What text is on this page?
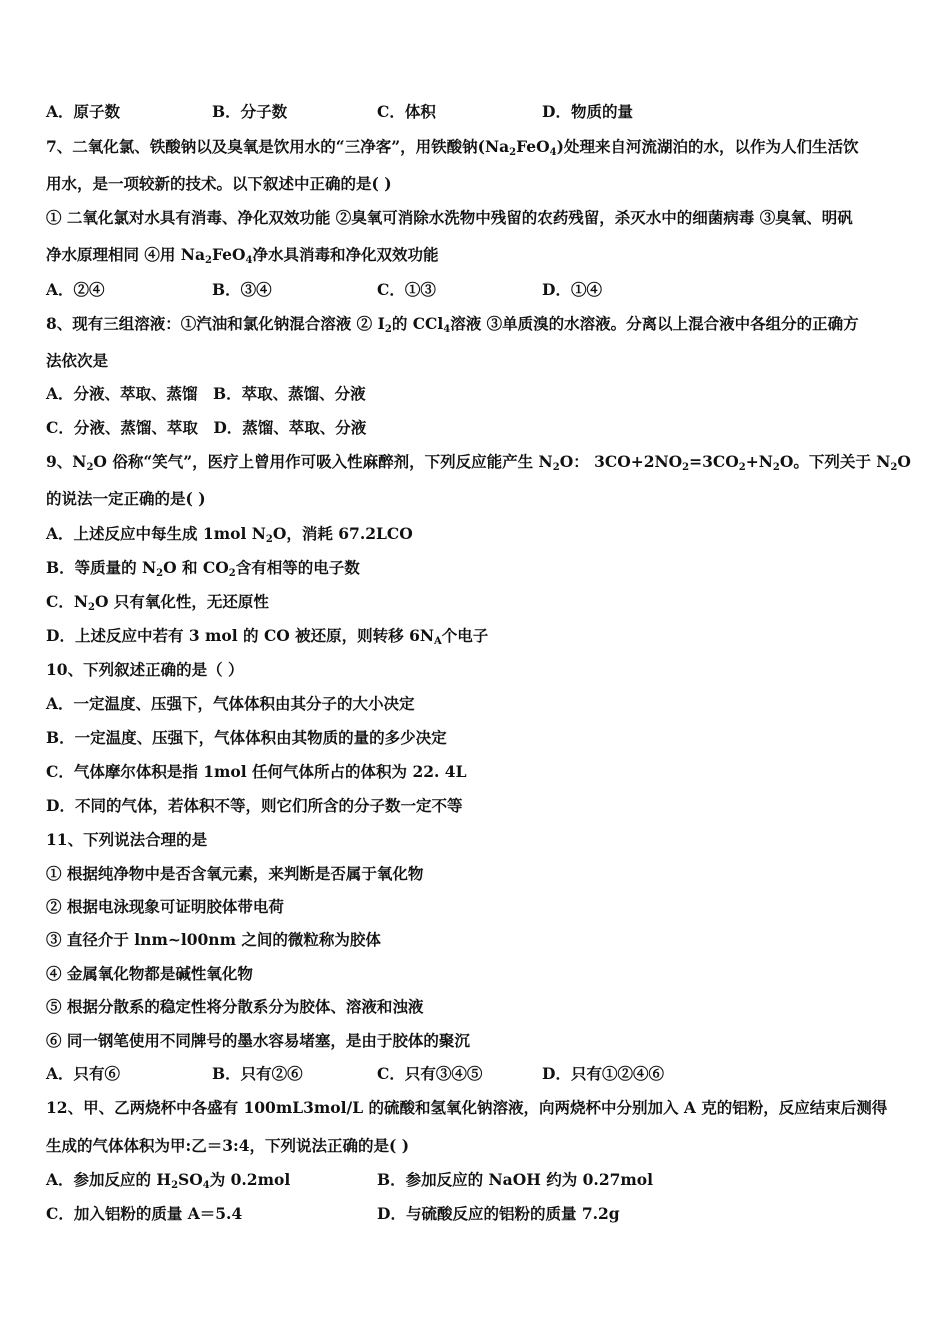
A．原子数	B．分子数	C．体积	D．物质的量
7、二氧化氯、铁酸钠以及臭氧是饮用水的“三净客”，用铁酸钠$(Na_2FeO_4)$处理来自河流湖泊的水，以作为人们生活饮
用水，是一项较新的技术。以下叙述中正确的是( )
① 二氧化氯对水具有消毒、净化双效功能 ②臭氧可消除水洗物中残留的农药残留，杀灭水中的细菌病毒 ③臭氧、明矾
净水原理相同 ④用 $Na_2FeO_4$净水具消毒和净化双效功能
A．②④	B．③④	C．①③	D．①④
8、现有三组溶液：①汽油和氯化钠混合溶液 ② $I_2$的 CCl$_4$溶液 ③单质溴的水溶液。分离以上混合液中各组分的正确方
法依次是
A．分液、萃取、蒸馏　B．萃取、蒸馏、分液
C．分液、蒸馏、萃取　D．蒸馏、萃取、分液
9、$N_2O$ 俗称“笑气”，医疗上曾用作可吸入性麻醉剂，下列反应能产生 $N_2O$： $3CO+2NO_2=3CO_2+N_2O$。下列关于 $N_2O$
的说法一定正确的是( )
A．上述反应中每生成 1mol $N_2O$，消耗 67.2LCO
B．等质量的 $N_2O$ 和 $CO_2$含有相等的电子数
C．$N_2O$ 只有氧化性，无还原性
D．上述反应中若有 3 mol 的 CO 被还原，则转移 $6N_A$个电子
10、下列叙述正确的是（ ）
A．一定温度、压强下，气体体积由其分子的大小决定
B．一定温度、压强下，气体体积由其物质的量的多少决定
C．气体摩尔体积是指 1mol 任何气体所占的体积为 22. 4L
D．不同的气体，若体积不等，则它们所含的分子数一定不等
11、下列说法合理的是
① 根据纯净物中是否含氧元素，来判断是否属于氧化物
② 根据电泳现象可证明胶体带电荷
③ 直径介于 lnm~l00nm 之间的微粒称为胶体
④ 金属氧化物都是碱性氧化物
⑤ 根据分散系的稳定性将分散系分为胶体、溶液和浊液
⑥ 同一钢笔使用不同牌号的墨水容易堵塞，是由于胶体的聚沉
A．只有⑥	B．只有②⑥	C．只有③④⑤	D．只有①②④⑥
12、甲、乙两烧杯中各盛有 100mL3mol/L 的硫酸和氢氧化钠溶液，向两烧杯中分别加入 A 克的铝粉，反应结束后测得
生成的气体体积为甲:乙＝3:4，下列说法正确的是( )
A．参加反应的 $H_2SO_4$为 0.2mol	B．参加反应的 NaOH 约为 0.27mol
C．加入铝粉的质量 A＝5.4	D．与硫酸反应的铝粉的质量 7.2g
